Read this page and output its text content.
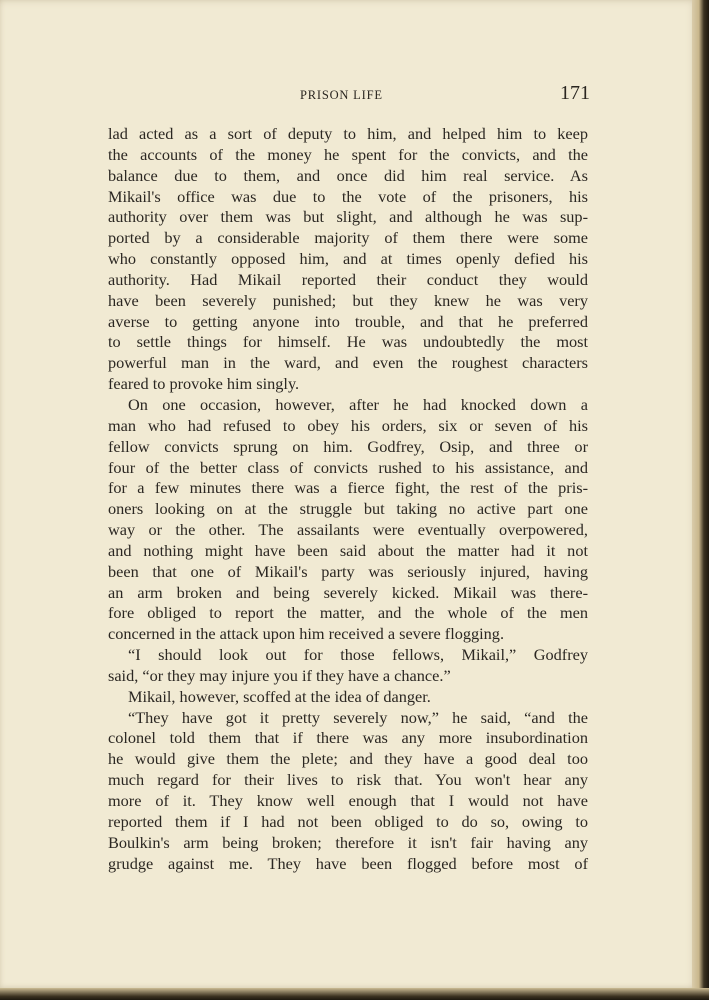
PRISON LIFE	171
lad acted as a sort of deputy to him, and helped him to keep
the accounts of the money he spent for the convicts, and the
balance due to them, and once did him real service. As
Mikail's office was due to the vote of the prisoners, his
authority over them was but slight, and although he was sup-
ported by a considerable majority of them there were some
who constantly opposed him, and at times openly defied his
authority. Had Mikail reported their conduct they would
have been severely punished; but they knew he was very
averse to getting anyone into trouble, and that he preferred
to settle things for himself. He was undoubtedly the most
powerful man in the ward, and even the roughest characters
feared to provoke him singly.
On one occasion, however, after he had knocked down a
man who had refused to obey his orders, six or seven of his
fellow convicts sprung on him. Godfrey, Osip, and three or
four of the better class of convicts rushed to his assistance, and
for a few minutes there was a fierce fight, the rest of the pris-
oners looking on at the struggle but taking no active part one
way or the other. The assailants were eventually overpowered,
and nothing might have been said about the matter had it not
been that one of Mikail's party was seriously injured, having
an arm broken and being severely kicked. Mikail was there-
fore obliged to report the matter, and the whole of the men
concerned in the attack upon him received a severe flogging.
“I should look out for those fellows, Mikail,” Godfrey
said, “or they may injure you if they have a chance.”
Mikail, however, scoffed at the idea of danger.
“They have got it pretty severely now,” he said, “and the
colonel told them that if there was any more insubordination
he would give them the plete; and they have a good deal too
much regard for their lives to risk that. You won't hear any
more of it. They know well enough that I would not have
reported them if I had not been obliged to do so, owing to
Boulkin's arm being broken; therefore it isn't fair having any
grudge against me. They have been flogged before most of
